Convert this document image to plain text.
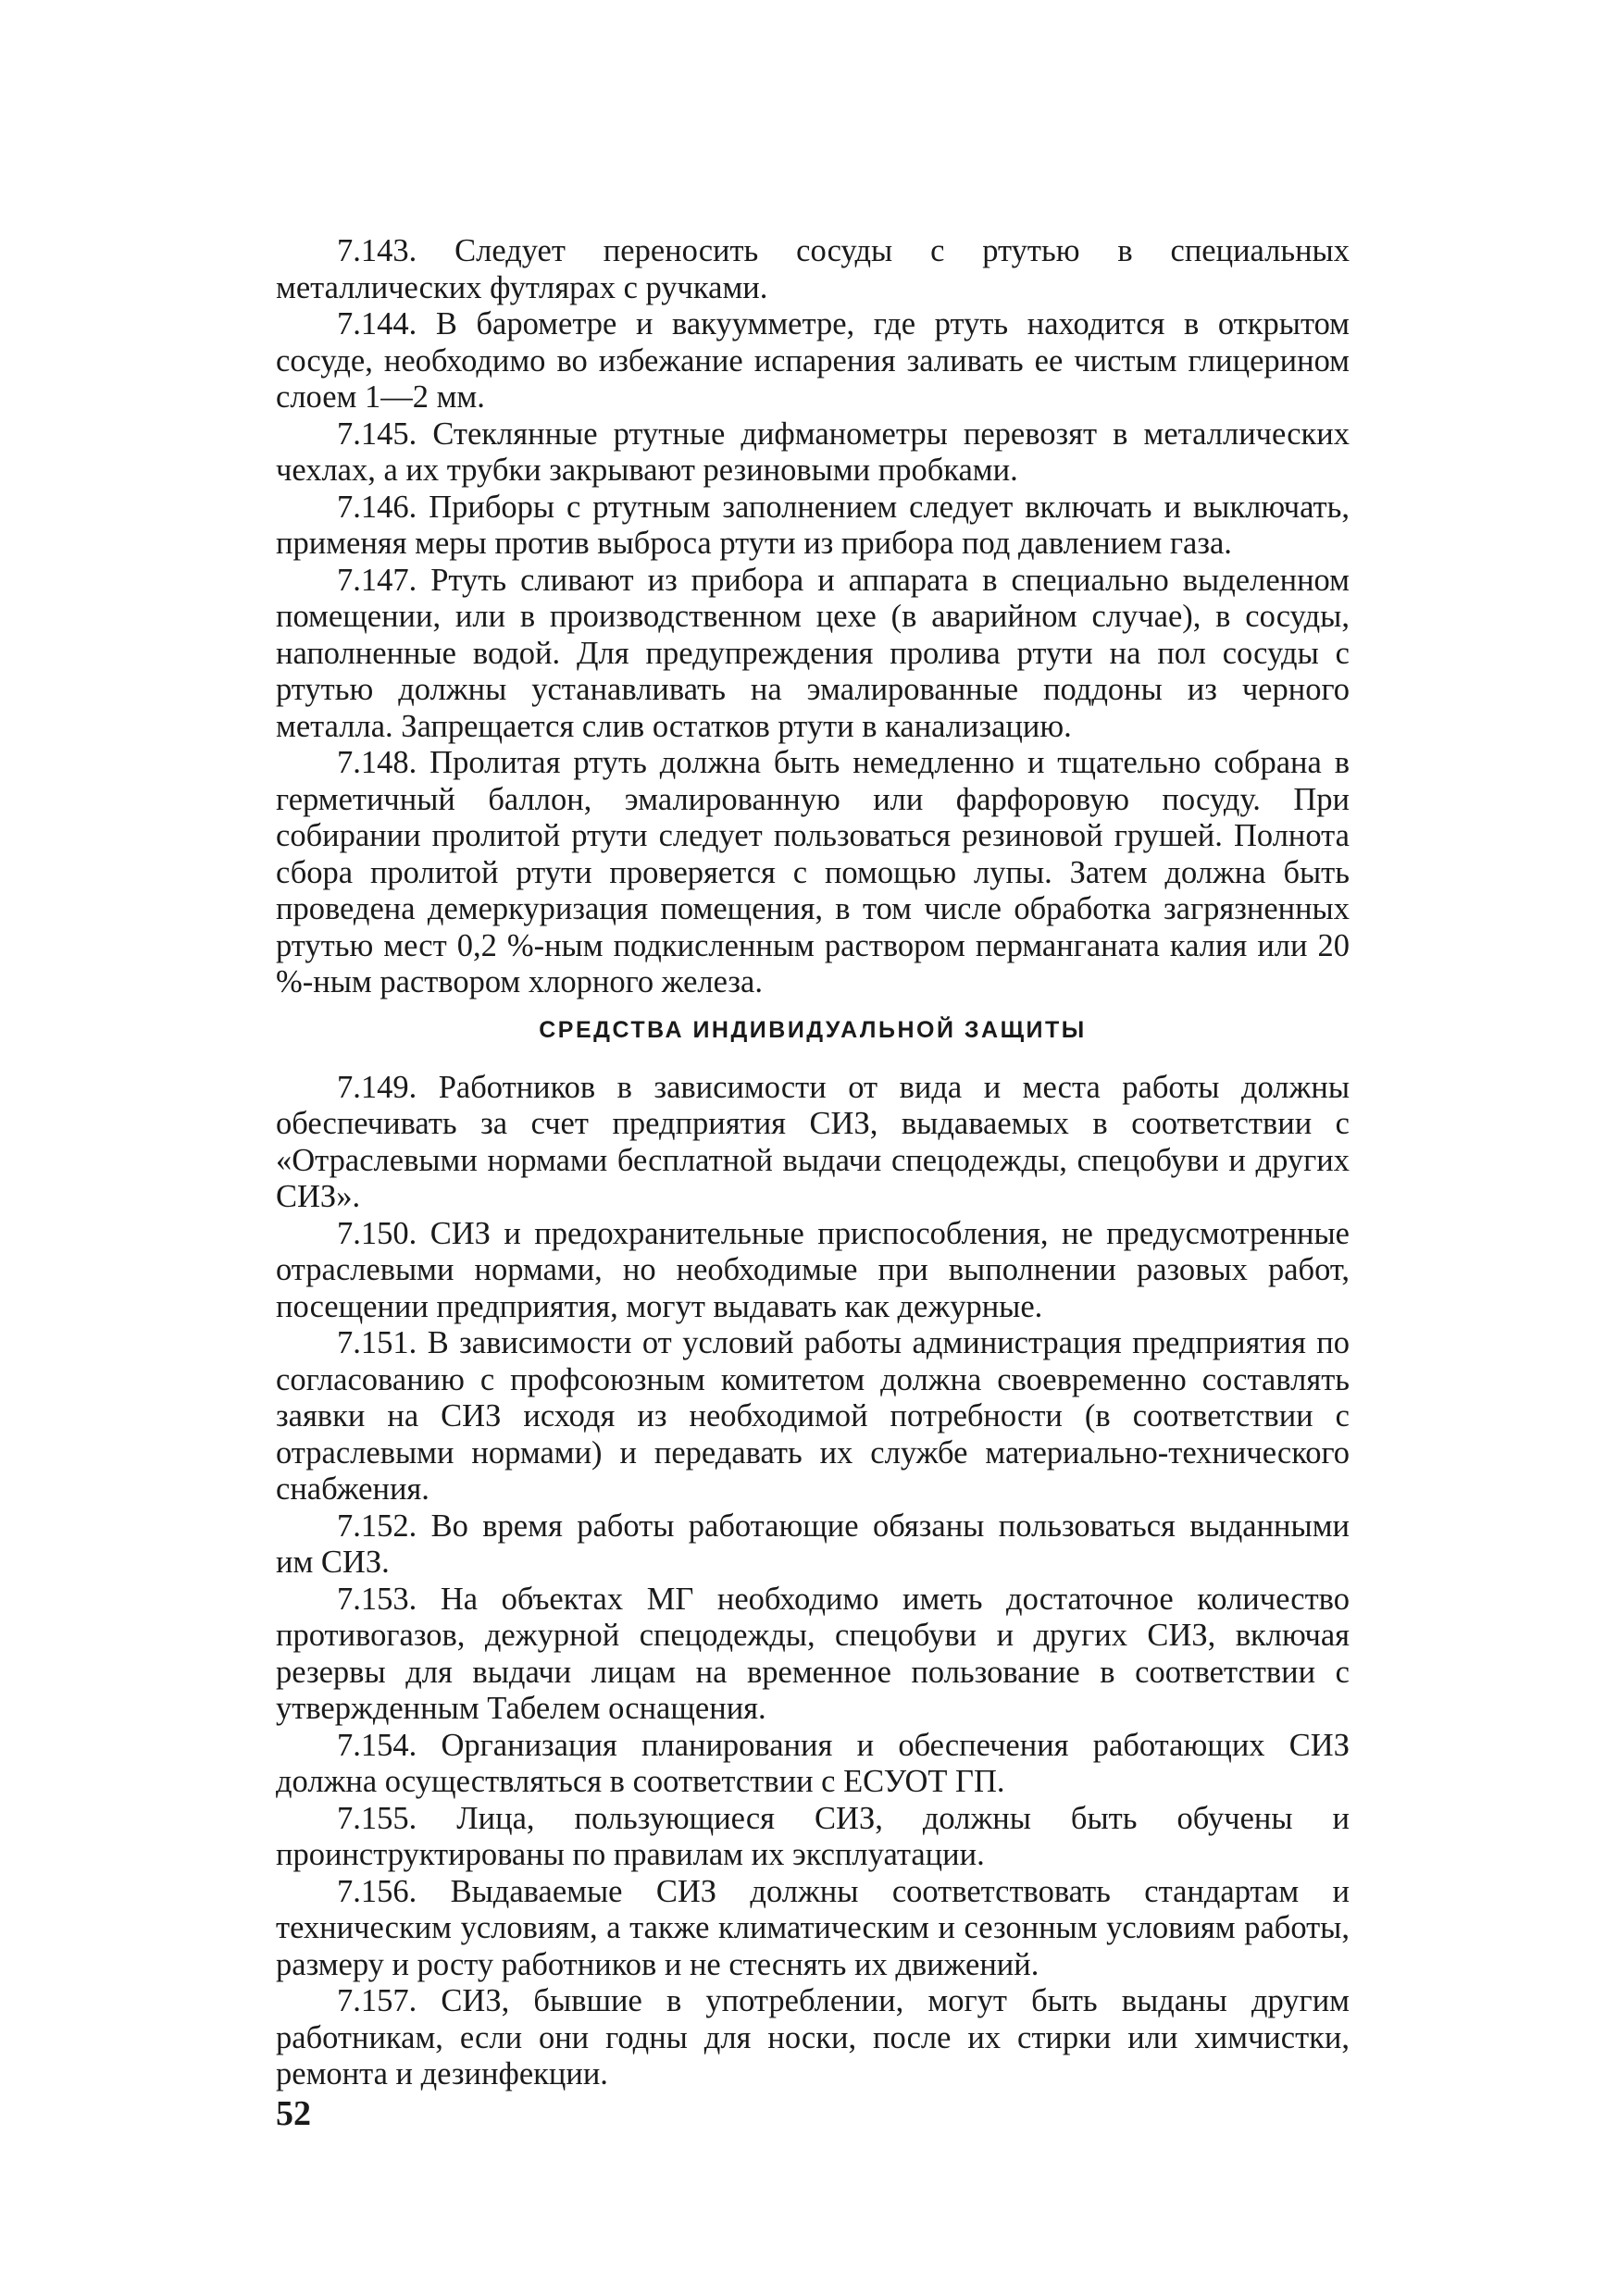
7.143. Следует переносить сосуды с ртутью в специальных металлических футлярах с ручками.

7.144. В барометре и вакуумметре, где ртуть находится в открытом сосуде, необходимо во избежание испарения заливать ее чистым глицерином слоем 1—2 мм.

7.145. Стеклянные ртутные дифманометры перевозят в металлических чехлах, а их трубки закрывают резиновыми пробками.

7.146. Приборы с ртутным заполнением следует включать и выключать, применяя меры против выброса ртути из прибора под давлением газа.

7.147. Ртуть сливают из прибора и аппарата в специально выделенном помещении, или в производственном цехе (в аварийном случае), в сосуды, наполненные водой. Для предупреждения пролива ртути на пол сосуды с ртутью должны устанавливать на эмалированные поддоны из черного металла. Запрещается слив остатков ртути в канализацию.

7.148. Пролитая ртуть должна быть немедленно и тщательно собрана в герметичный баллон, эмалированную или фарфоровую посуду. При собирании пролитой ртути следует пользоваться резиновой грушей. Полнота сбора пролитой ртути проверяется с помощью лупы. Затем должна быть проведена демеркуризация помещения, в том числе обработка загрязненных ртутью мест 0,2 %-ным подкисленным раствором перманганата калия или 20 %-ным раствором хлорного железа.

СРЕДСТВА ИНДИВИДУАЛЬНОЙ ЗАЩИТЫ

7.149. Работников в зависимости от вида и места работы должны обеспечивать за счет предприятия СИЗ, выдаваемых в соответствии с «Отраслевыми нормами бесплатной выдачи спецодежды, спецобуви и других СИЗ».

7.150. СИЗ и предохранительные приспособления, не предусмотренные отраслевыми нормами, но необходимые при выполнении разовых работ, посещении предприятия, могут выдавать как дежурные.

7.151. В зависимости от условий работы администрация предприятия по согласованию с профсоюзным комитетом должна своевременно составлять заявки на СИЗ исходя из необходимой потребности (в соответствии с отраслевыми нормами) и передавать их службе материально-технического снабжения.

7.152. Во время работы работающие обязаны пользоваться выданными им СИЗ.

7.153. На объектах МГ необходимо иметь достаточное количество противогазов, дежурной спецодежды, спецобуви и других СИЗ, включая резервы для выдачи лицам на временное пользование в соответствии с утвержденным Табелем оснащения.

7.154. Организация планирования и обеспечения работающих СИЗ должна осуществляться в соответствии с ЕСУОТ ГП.

7.155. Лица, пользующиеся СИЗ, должны быть обучены и проинструктированы по правилам их эксплуатации.

7.156. Выдаваемые СИЗ должны соответствовать стандартам и техническим условиям, а также климатическим и сезонным условиям работы, размеру и росту работников и не стеснять их движений.

7.157. СИЗ, бывшие в употреблении, могут быть выданы другим работникам, если они годны для носки, после их стирки или химчистки, ремонта и дезинфекции.

52
